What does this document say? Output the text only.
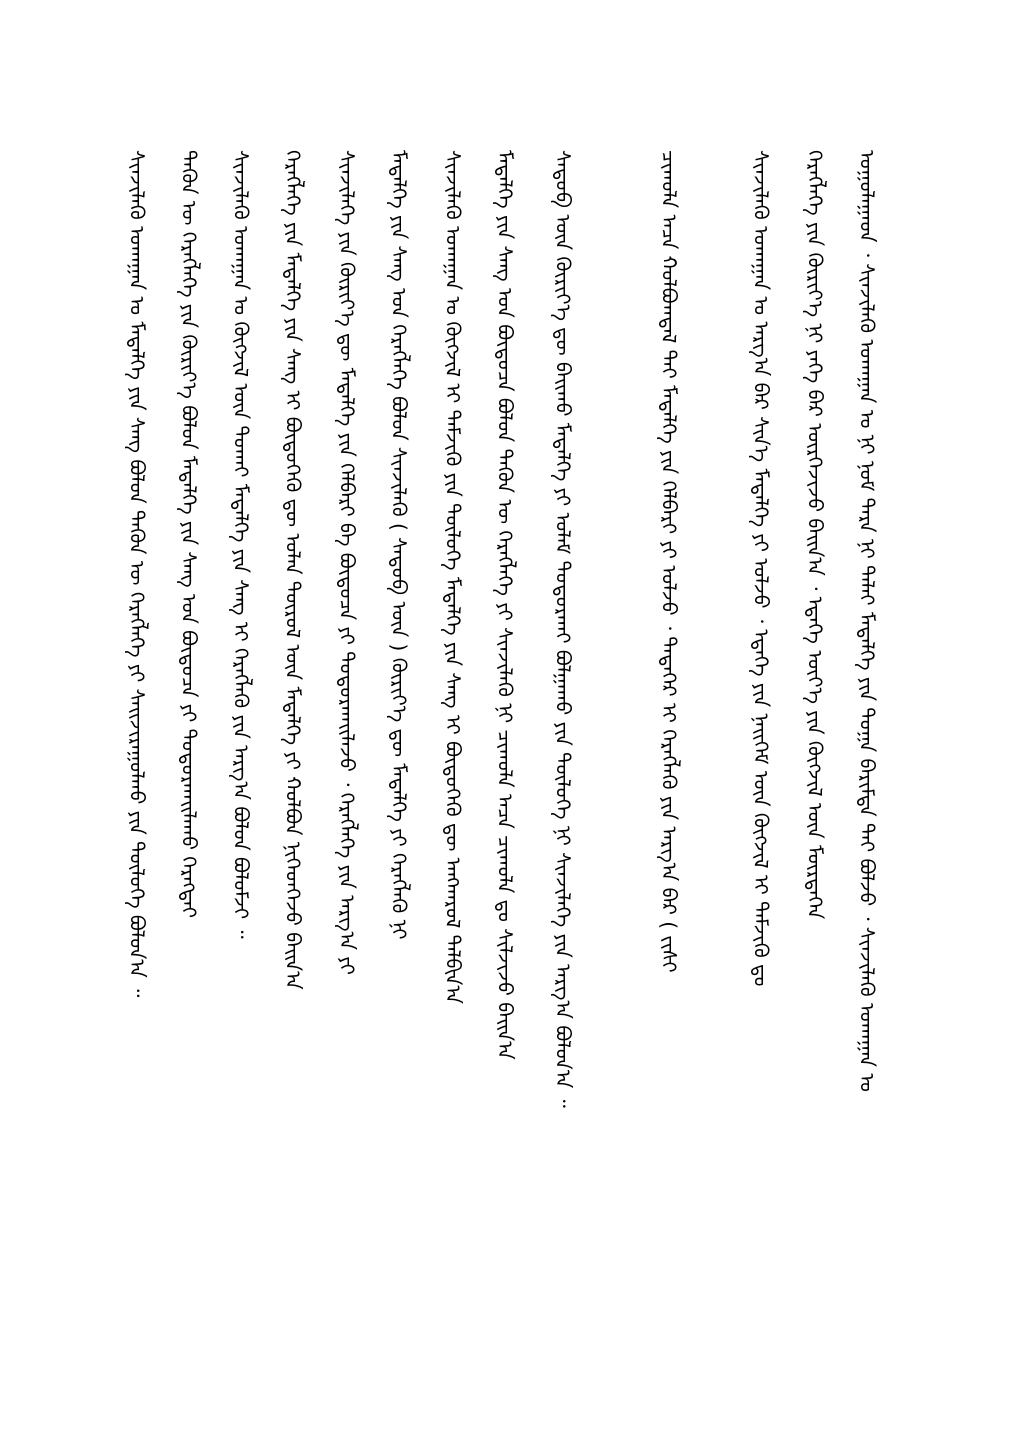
ᠤᠭᠤᠯᠠᠭᠠᠳ ᠂ ᠰᠢᠨᠵᠢᠯᠡᠬᠦ ᠤᠬᠠᠭᠠᠨ ᠤ ᠨᠢ ᠨᠤᠮ ᠲᠡᠷᠡ ᠨᠢ ᠳᠠᠯᠠᠢ ᠮᠡᠳᠡᠯᠭᠡ ᠶᠢᠨ ᠲᠣᠭᠠ ᠪᠠᠷᠢᠮᠲᠠ ᠲᠠᠢ ᠪᠣᠯᠵᠤ ᠂ ᠰᠢᠨᠵᠢᠯᠡᠬᠦ ᠤᠬᠠᠭᠠᠨ ᠤ
ᠬᠡᠷᠡᠭᠯᠡᠭᠡ ᠶᠢᠨ ᠬᠦᠷᠢᠶ᠎ᠡ ᠨᠢ ᠶᠡᠬᠡ ᠪᠡᠷ ᠥᠷᠭᠡᠵᠢᠵᠦ ᠪᠠᠢᠨ᠎ᠠ ᠂ ᠡᠳᠡᠭᠡ ᠦᠶ᠎ᠡ ᠶᠢᠨ ᠬᠥᠭᠵᠢᠯ ᠦᠨ ᠮᠥᠷᠲᠡᠭᠡᠨ
ᠰᠢᠨᠵᠢᠯᠡᠬᠦ ᠤᠬᠠᠭᠠᠨ ᠤ ᠠᠷᠭ᠎ᠠ ᠪᠠᠷ ᠰᠢᠨ᠎ᠡ ᠮᠡᠳᠡᠯᠭᠡ ᠶᠢ ᠣᠯᠵᠤ ᠂ ᠡᠳᠡᠭᠡ ᠶᠢᠨ ᠨᠡᠢᠭᠡᠮ ᠦᠨ ᠬᠥᠭᠵᠢᠯ ᠢ ᠳᠡᠮᠵᠢᠬᠦ ᠳᠤ
ᠴᠢᠬᠤᠯᠠ ᠠᠴᠠ ᠬᠣᠯᠪᠣᠭᠳᠠᠯ ᠲᠠᠢ ᠮᠡᠳᠡᠯᠭᠡ ᠶᠢᠨ ᠬᠡᠯᠪᠡᠷᠢ ᠶᠢ ᠣᠯᠵᠤ ᠂ ᠲᠡᠳᠡᠭᠡᠷ ᠢ ᠬᠡᠷᠡᠭᠯᠡᠬᠦ ᠶᠢᠨ ᠠᠷᠭ᠎ᠠ ᠪᠠᠷ ( ᠵᠢᠱ᠋ᠢ
ᠰᠡᠳᠦᠪ ᠦᠨ ᠬᠦᠷᠢᠶ᠎ᠡ ᠳᠦ ᠪᠠᠢᠬᠤ ᠮᠡᠳᠡᠯᠭᠡ ᠶᠢ ᠤᠯᠠᠮ ᠲᠣᠳᠣᠷᠬᠠᠢ ᠪᠣᠯᠭᠠᠬᠤ ᠶᠢᠨ ᠲᠥᠯᠦᠭᠡ ᠨᠢ ᠰᠢᠨᠵᠢᠯᠡᠭᠡ ᠶᠢᠨ ᠠᠷᠭ᠎ᠠ ᠪᠣᠯᠤᠨ᠎ᠠ ᠃
ᠮᠡᠳᠡᠯᠭᠡ ᠶᠢᠨ ᠰᠠᠩ ᠤᠨ ᠪᠦᠲᠦᠴᠡ ᠪᠣᠯᠤᠨ ᠲᠡᠭᠦᠨ ᠦ ᠬᠡᠷᠡᠭᠯᠡᠭᠡ ᠶᠢ ᠰᠢᠨᠵᠢᠯᠡᠬᠦ ᠨᠢ ᠴᠢᠬᠤᠯᠠ ᠠᠴᠠ ᠴᠢᠬᠤᠯᠠ ᠳᠤ ᠰᠢᠯᠵᠢᠵᠦ ᠪᠠᠢᠨ᠎ᠠ
ᠰᠢᠨᠵᠢᠯᠡᠬᠦ ᠤᠬᠠᠭᠠᠨ ᠤ ᠬᠥᠭᠵᠢᠯ ᠢ ᠳᠡᠮᠵᠢᠬᠦ ᠶᠢᠨ ᠲᠥᠯᠦᠭᠡ ᠮᠡᠳᠡᠯᠭᠡ ᠶᠢᠨ ᠰᠠᠩ ᠢ ᠪᠦᠲᠦᠭᠡᠬᠦ ᠳᠦ ᠠᠩᠬᠠᠷᠤᠯ ᠲᠠᠯᠪᠢᠨ᠎ᠠ
ᠮᠡᠳᠡᠯᠭᠡ ᠶᠢᠨ ᠰᠠᠩ ᠤᠨ ᠬᠡᠷᠡᠭᠯᠡᠭᠡ ᠪᠣᠯᠤᠨ ᠰᠢᠨᠵᠢᠯᠡᠬᠦ ( ᠰᠡᠳᠦᠪ ᠦᠨ ) ᠬᠦᠷᠢᠶ᠎ᠡ ᠳᠦ ᠮᠡᠳᠡᠯᠭᠡ ᠶᠢ ᠬᠡᠷᠡᠭᠯᠡᠬᠦ ᠨᠢ
ᠰᠢᠨᠵᠢᠯᠡᠭᠡ ᠶᠢᠨ ᠬᠦᠷᠢᠶ᠎ᠡ ᠳᠦ ᠮᠡᠳᠡᠯᠭᠡ ᠶᠢᠨ ᠬᠡᠯᠪᠡᠷᠢ ᠪᠠ ᠪᠦᠲᠦᠴᠡ ᠶᠢ ᠲᠣᠳᠣᠷᠬᠠᠢᠯᠠᠵᠤ ᠂ ᠬᠡᠷᠡᠭᠯᠡᠭᠡ ᠶᠢᠨ ᠠᠷᠭ᠎ᠠ ᠶᠢ
ᠬᠡᠷᠡᠭᠯᠡᠭᠡ ᠶᠢᠨ ᠮᠡᠳᠡᠯᠭᠡ ᠶᠢᠨ ᠰᠠᠩ ᠢ ᠪᠦᠲᠦᠭᠡᠬᠦ ᠳᠦ ᠣᠯᠠᠨ ᠲᠥᠷᠦᠯ ᠦᠨ ᠮᠡᠳᠡᠯᠭᠡ ᠶᠢ ᠬᠣᠯᠪᠣᠨ ᠨᠢᠭᠡᠳᠭᠡᠵᠦ ᠪᠠᠢᠨ᠎ᠠ
ᠰᠢᠨᠵᠢᠯᠡᠬᠦ ᠤᠬᠠᠭᠠᠨ ᠤ ᠬᠥᠭᠵᠢᠯ ᠦᠨ ᠲᠤᠬᠠᠢ ᠮᠡᠳᠡᠯᠭᠡ ᠶᠢᠨ ᠰᠠᠩ ᠢ ᠬᠡᠷᠡᠭᠯᠡᠬᠦ ᠶᠢᠨ ᠠᠷᠭ᠎ᠠ ᠪᠣᠯᠤᠨ ᠪᠣᠯᠤᠮᠵᠢ ᠃
ᠲᠡᠭᠦᠨ ᠦ ᠬᠡᠷᠡᠭᠯᠡᠭᠡ ᠶᠢᠨ ᠬᠦᠷᠢᠶ᠎ᠡ ᠪᠣᠯᠤᠨ ᠮᠡᠳᠡᠯᠭᠡ ᠶᠢᠨ ᠰᠠᠩ ᠤᠨ ᠪᠦᠲᠦᠴᠡ ᠶᠢ ᠲᠣᠳᠣᠷᠬᠠᠢᠯᠠᠬᠤ ᠬᠡᠷᠡᠭᠲᠡᠢ
ᠰᠢᠨᠵᠢᠯᠡᠬᠦ ᠤᠬᠠᠭᠠᠨ ᠤ ᠮᠡᠳᠡᠯᠭᠡ ᠶᠢᠨ ᠰᠠᠩ ᠪᠣᠯᠤᠨ ᠲᠡᠭᠦᠨ ᠦ ᠬᠡᠷᠡᠭᠯᠡᠭᠡ ᠶᠢ ᠰᠠᠢᠵᠢᠷᠠᠭᠤᠯᠬᠤ ᠶᠢᠨ ᠲᠥᠯᠦᠭᠡ ᠪᠣᠯᠤᠨ᠎ᠠ ᠃
